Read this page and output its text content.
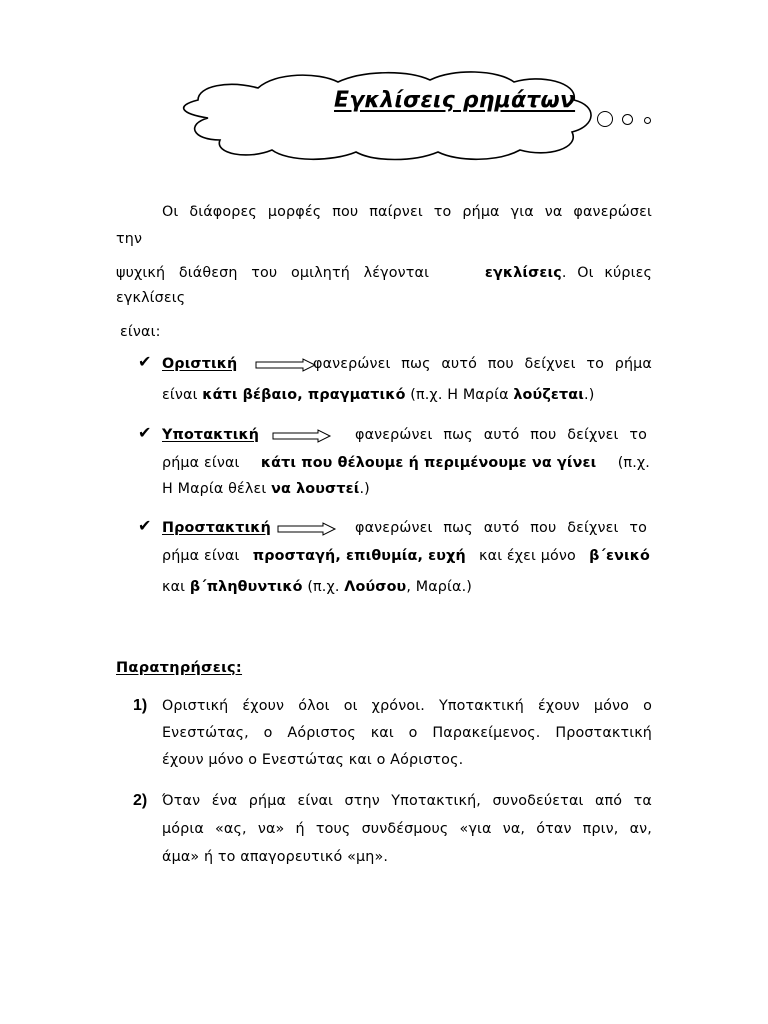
Εγκλίσεις ρημάτων
Οι διάφορες μορφές που παίρνει το ρήμα για να φανερώσει
την
ψυχική διάθεση του ομιλητή λέγονται	εγκλίσεις. Οι κύριες
εγκλίσεις
είναι:
✔ Οριστική	φανερώνει πως αυτό που δείχνει το ρήμα
είναι κάτι βέβαιο, πραγματικό (π.χ. Η Μαρία λούζεται.)
✔ Υποτακτική	φανερώνει πως αυτό που δείχνει το
ρήμα είναι κάτι που θέλουμε ή περιμένουμε να γίνει (π.χ.
Η Μαρία θέλει να λουστεί.)
✔ Προστακτική	φανερώνει πως αυτό που δείχνει το
ρήμα είναι προσταγή, επιθυμία, ευχή και έχει μόνο β΄ενικό
και β΄πληθυντικό (π.χ. Λούσου, Μαρία.)
Παρατηρήσεις:
1) Οριστική έχουν όλοι οι χρόνοι. Υποτακτική έχουν μόνο ο
Ενεστώτας, ο Αόριστος και ο Παρακείμενος. Προστακτική
έχουν μόνο ο Ενεστώτας και ο Αόριστος.
2) Όταν ένα ρήμα είναι στην Υποτακτική, συνοδεύεται από τα
μόρια «ας, να» ή τους συνδέσμους «για να, όταν πριν, αν,
άμα» ή το απαγορευτικό «μη».
